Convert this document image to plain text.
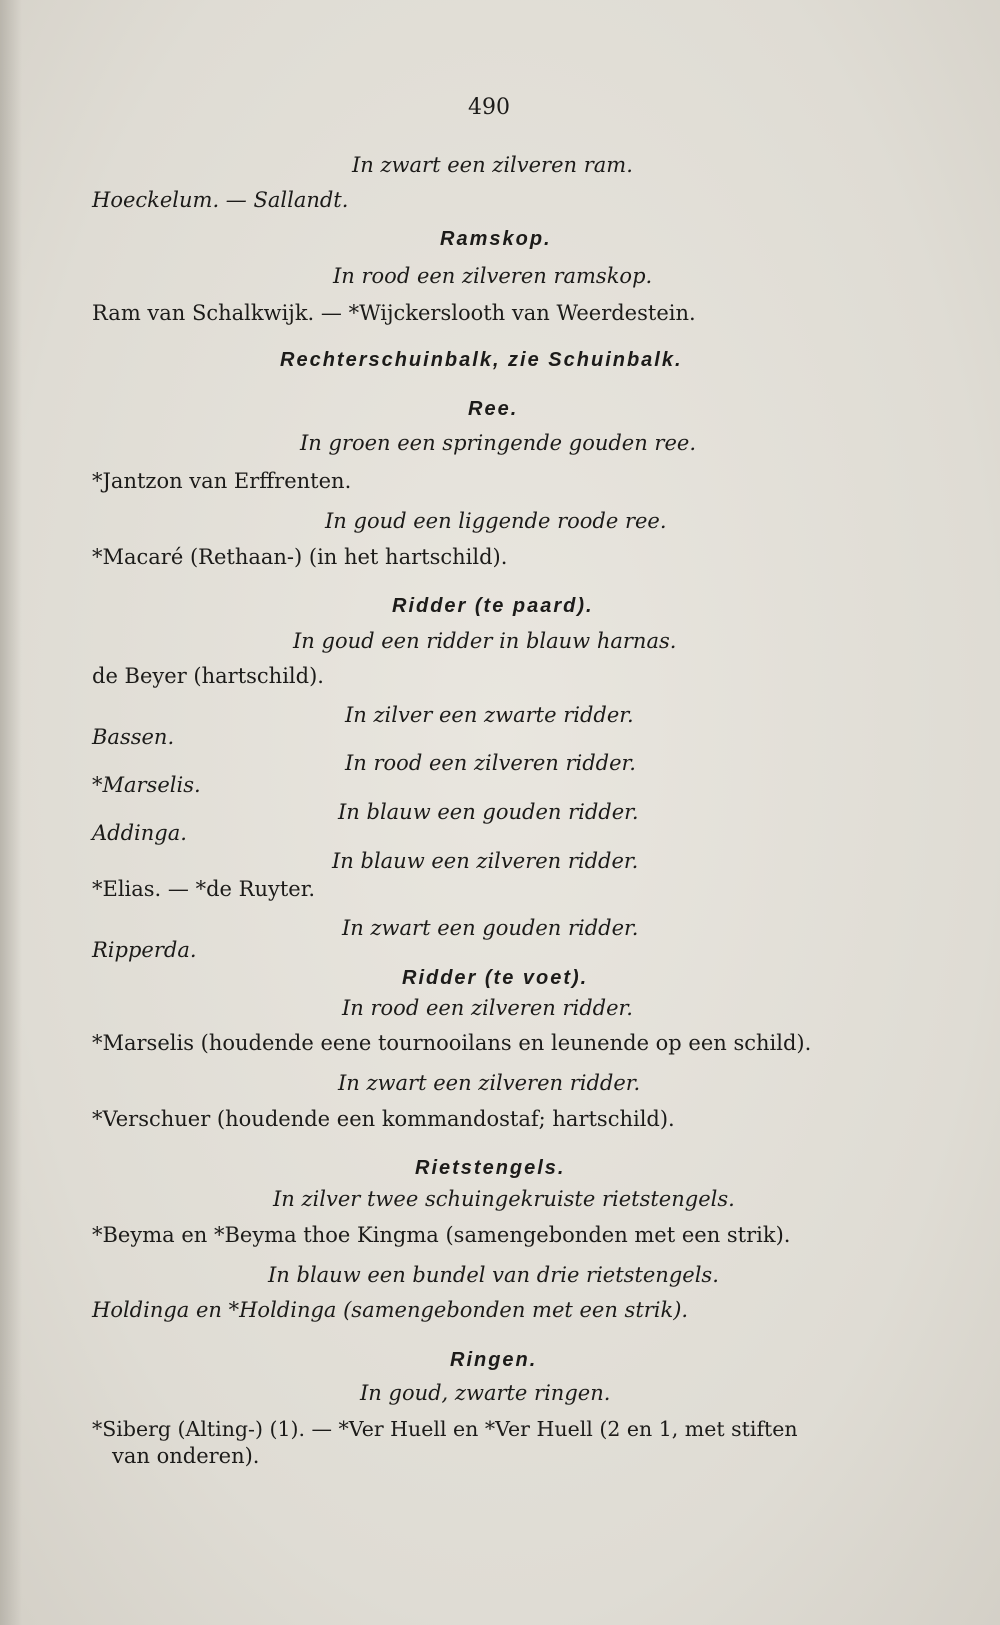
490
In zwart een zilveren ram.
Hoeckelum. — Sallandt.
Ramskop.
In rood een zilveren ramskop.
Ram van Schalkwijk. — *Wijckerslooth van Weerdestein.
Rechterschuinbalk, zie Schuinbalk.
Ree.
In groen een springende gouden ree.
*Jantzon van Erffrenten.
In goud een liggende roode ree.
*Macaré (Rethaan-) (in het hartschild).
Ridder (te paard).
In goud een ridder in blauw harnas.
de Beyer (hartschild).
In zilver een zwarte ridder.
Bassen.
In rood een zilveren ridder.
*Marselis.
In blauw een gouden ridder.
Addinga.
In blauw een zilveren ridder.
*Elias. — *de Ruyter.
In zwart een gouden ridder.
Ripperda.
Ridder (te voet).
In rood een zilveren ridder.
*Marselis (houdende eene tournooilans en leunende op een schild).
In zwart een zilveren ridder.
*Verschuer (houdende een kommandostaf; hartschild).
Rietstengels.
In zilver twee schuingekruiste rietstengels.
*Beyma en *Beyma thoe Kingma (samengebonden met een strik).
In blauw een bundel van drie rietstengels.
Holdinga en *Holdinga (samengebonden met een strik).
Ringen.
In goud, zwarte ringen.
*Siberg (Alting-) (1). — *Ver Huell en *Ver Huell (2 en 1, met stiften
van onderen).
